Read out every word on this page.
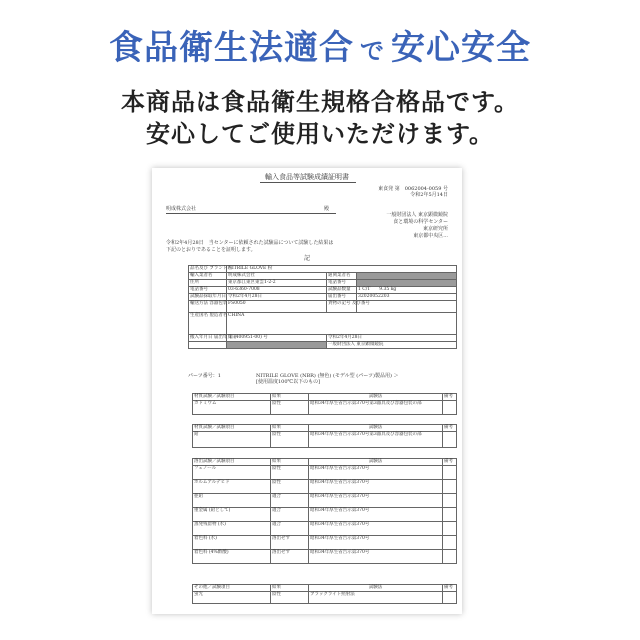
食品衛生法適合 で 安心安全
本商品は食品衛生規格合格品です。
安心してご使用いただけます。
輸入食品等試験成績証明書
東食発 第　0062004-0059 号
令和2年5月14日
明成株式会社	殿
一般財団法人 東京顕微鏡院
食と環境の科学センター
東京研究所
東京都中央区...
令和2年4月28日　当センターに依頼された試験品について試験した結果は
下記のとおりであることを証明します。
記
品名及び ブランド名	NITRILE GLOVE 粉		
輸入業者名	明成株式会社	通関業者名	
住所	東京都江東区東雲1-2-2	電話番号	
電話番号	03-6360-7008	試験品数量	1 C/T　　9.35 kg
試験品採取年月日	令和2年4月28日	届出番号	32020052203
輸送方法 容器包装	FS0050	貨物の記号 及び番号	
生産国名 製造者名	CHINA		
搬入年月日 届出年月日	第 (400951-00) 号	令和2年4月28日	
		一般財団法人 東京顕微鏡院	
パーツ番号：1	NITRILE GLOVE (NBR) (無色) (モデル型 (パーツ)製品用) ＞
[使用温度100℃以下のもの]
材質試験／試験項目	結果	試験法	備考
カドミウム	陰性	昭和34年厚生省告示第370号第3器具及び容器包装の部	
材質試験／試験項目	結果	試験法	備考
鉛	陰性	昭和34年厚生省告示第370号第3器具及び容器包装の部	
溶出試験／試験項目	結果	試験法	備考
フェノール	陰性	昭和34年厚生省告示第370号	
ホルムアルデヒド	陰性	昭和34年厚生省告示第370号	
亜鉛	適合	昭和34年厚生省告示第370号	
重金属 (鉛として)	適合	昭和34年厚生省告示第370号	
蒸発残留物 (水)	適合	昭和34年厚生省告示第370号	
着色料 (水)	溶出せず	昭和34年厚生省告示第370号	
着色料 (4%酢酸)	溶出せず	昭和34年厚生省告示第370号	
その他／試験項目	結果	試験法	備考
蛍光	陰性	ブラックライト照射法	
